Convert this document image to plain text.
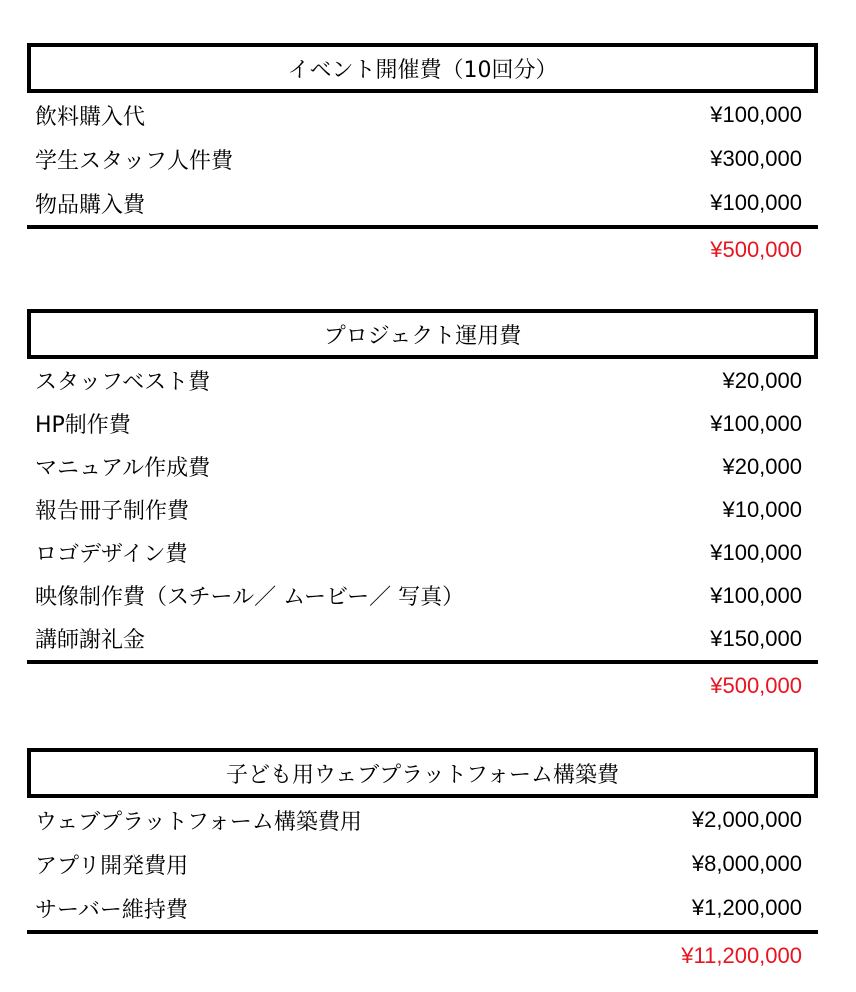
イベント開催費（10回分）
飲料購入代	¥100,000
学生スタッフ人件費	¥300,000
物品購入費	¥100,000
¥500,000
プロジェクト運用費
スタッフベスト費	¥20,000
HP制作費	¥100,000
マニュアル作成費	¥20,000
報告冊子制作費	¥10,000
ロゴデザイン費	¥100,000
映像制作費（スチール／ ムービー／ 写真）	¥100,000
講師謝礼金	¥150,000
¥500,000
子ども用ウェブプラットフォーム構築費
ウェブプラットフォーム構築費用	¥2,000,000
アプリ開発費用	¥8,000,000
サーバー維持費	¥1,200,000
¥11,200,000
